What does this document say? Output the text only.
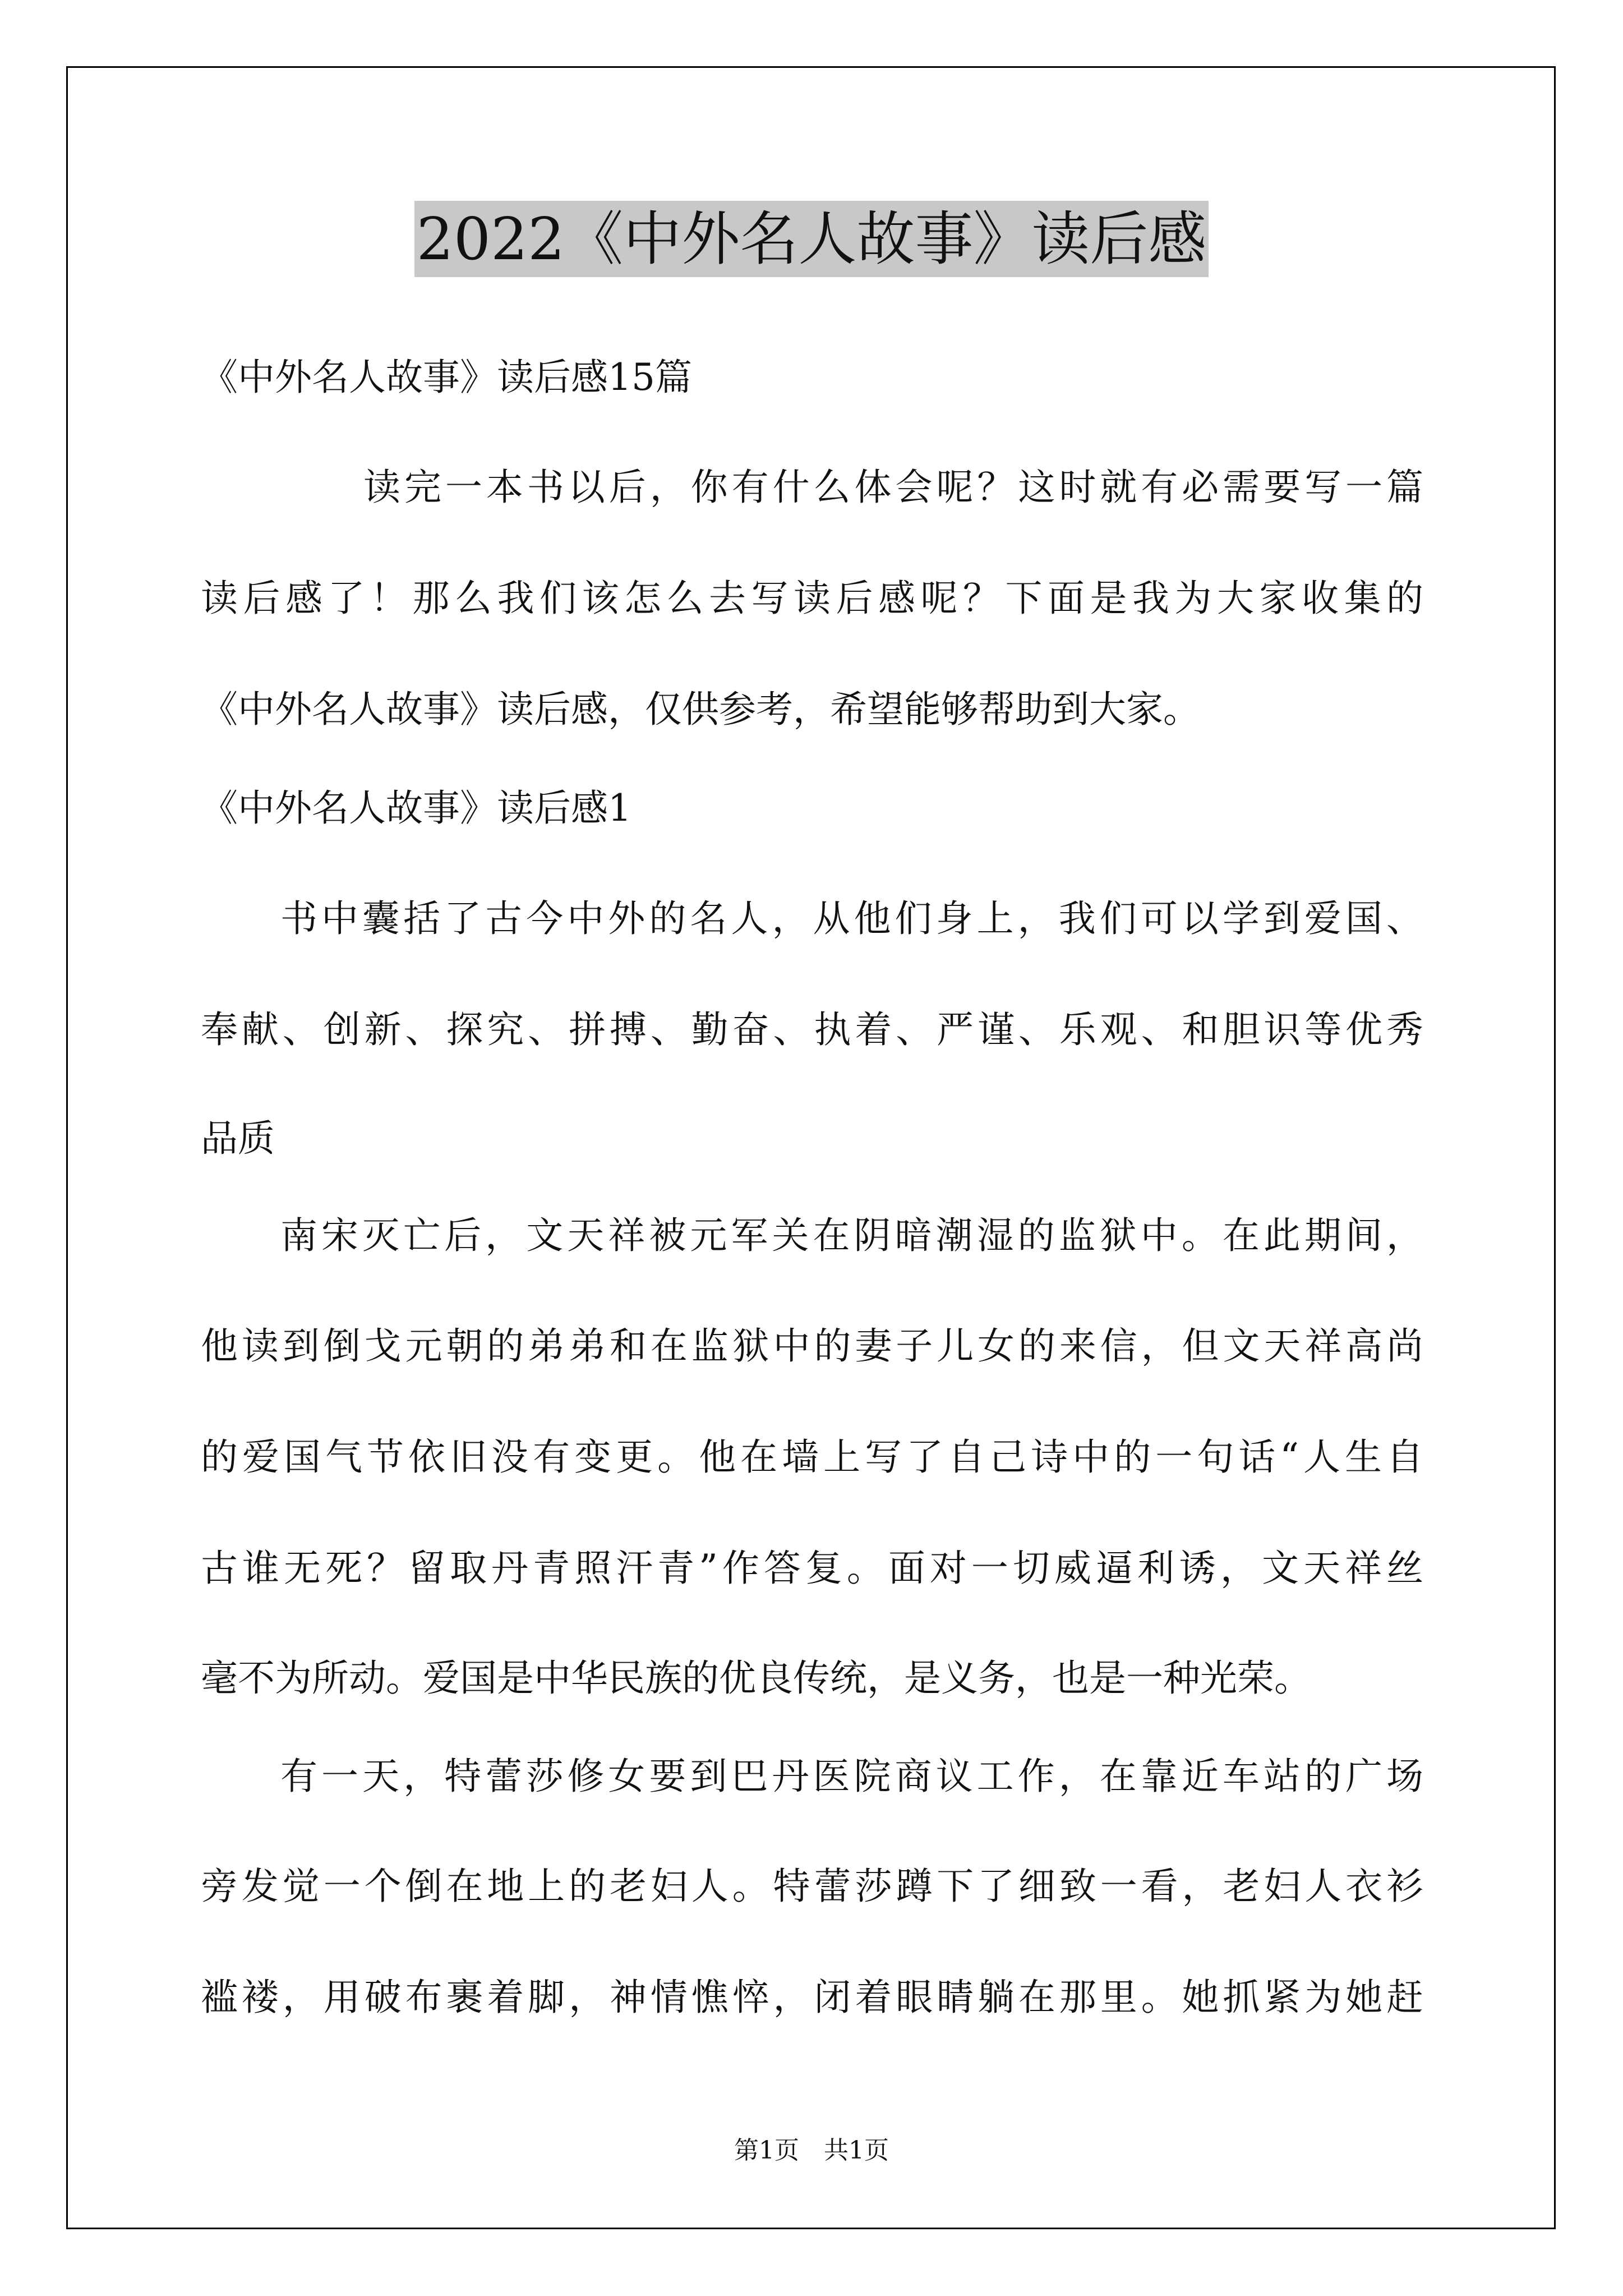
2022《中外名人故事》读后感
《中外名人故事》读后感15篇
读完一本书以后，你有什么体会呢？这时就有必需要写一篇
读后感了！那么我们该怎么去写读后感呢？下面是我为大家收集的
《中外名人故事》读后感，仅供参考，希望能够帮助到大家。
《中外名人故事》读后感1
书中囊括了古今中外的名人，从他们身上，我们可以学到爱国、
奉献、创新、探究、拼搏、勤奋、执着、严谨、乐观、和胆识等优秀
品质
南宋灭亡后，文天祥被元军关在阴暗潮湿的监狱中。在此期间，
他读到倒戈元朝的弟弟和在监狱中的妻子儿女的来信，但文天祥高尚
的爱国气节依旧没有变更。他在墙上写了自己诗中的一句话“人生自
古谁无死？留取丹青照汗青”作答复。面对一切威逼利诱，文天祥丝
毫不为所动。爱国是中华民族的优良传统，是义务，也是一种光荣。
有一天，特蕾莎修女要到巴丹医院商议工作，在靠近车站的广场
旁发觉一个倒在地上的老妇人。特蕾莎蹲下了细致一看，老妇人衣衫
褴褛，用破布裹着脚，神情憔悴，闭着眼睛躺在那里。她抓紧为她赶
第1页　共1页
